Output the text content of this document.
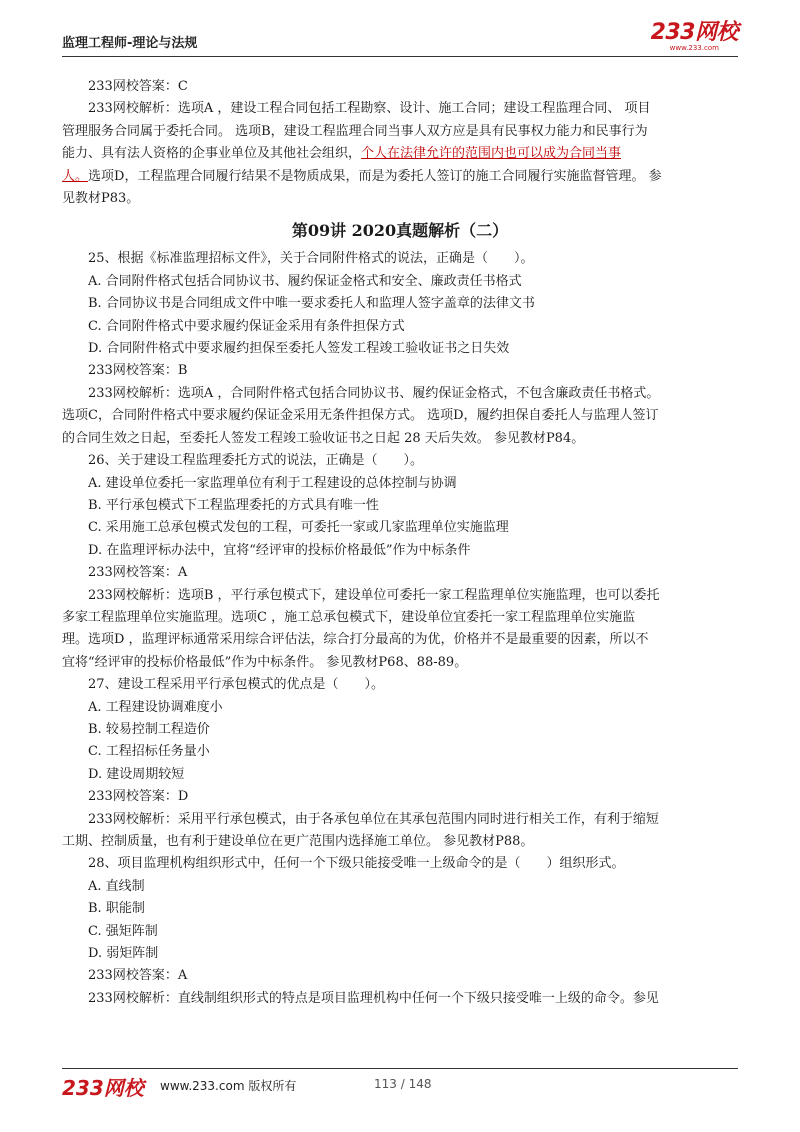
监理工程师-理论与法规	233网校
www.233.com
233网校答案：C
233网校解析：选项A ，建设工程合同包括工程勘察、设计、施工合同；建设工程监理合同、 项目
管理服务合同属于委托合同。 选项B，建设工程监理合同当事人双方应是具有民事权力能力和民事行为
能力、具有法人资格的企事业单位及其他社会组织，个人在法律允许的范围内也可以成为合同当事
人。选项D，工程监理合同履行结果不是物质成果，而是为委托人签订的施工合同履行实施监督管理。 参
见教材P83。
第09讲 2020真题解析（二）
25、根据《标准监理招标文件》，关于合同附件格式的说法，正确是（　　）。
A. 合同附件格式包括合同协议书、履约保证金格式和安全、廉政责任书格式
B. 合同协议书是合同组成文件中唯一要求委托人和监理人签字盖章的法律文书
C. 合同附件格式中要求履约保证金采用有条件担保方式
D. 合同附件格式中要求履约担保至委托人签发工程竣工验收证书之日失效
233网校答案：B
233网校解析：选项A ，合同附件格式包括合同协议书、履约保证金格式，不包含廉政责任书格式。
选项C，合同附件格式中要求履约保证金采用无条件担保方式。 选项D，履约担保自委托人与监理人签订
的合同生效之日起，至委托人签发工程竣工验收证书之日起 28 天后失效。 参见教材P84。
26、关于建设工程监理委托方式的说法，正确是（　　）。
A. 建设单位委托一家监理单位有利于工程建设的总体控制与协调
B. 平行承包模式下工程监理委托的方式具有唯一性
C. 采用施工总承包模式发包的工程，可委托一家或几家监理单位实施监理
D. 在监理评标办法中，宜将“经评审的投标价格最低”作为中标条件
233网校答案：A
233网校解析：选项B ，平行承包模式下，建设单位可委托一家工程监理单位实施监理，也可以委托
多家工程监理单位实施监理。选项C ，施工总承包模式下，建设单位宜委托一家工程监理单位实施监
理。选项D ，监理评标通常采用综合评估法，综合打分最高的为优，价格并不是最重要的因素，所以不
宜将“经评审的投标价格最低”作为中标条件。 参见教材P68、88-89。
27、建设工程采用平行承包模式的优点是（　　）。
A. 工程建设协调难度小
B. 较易控制工程造价
C. 工程招标任务量小
D. 建设周期较短
233网校答案：D
233网校解析：采用平行承包模式，由于各承包单位在其承包范围内同时进行相关工作，有利于缩短
工期、控制质量，也有利于建设单位在更广范围内选择施工单位。 参见教材P88。
28、项目监理机构组织形式中，任何一个下级只能接受唯一上级命令的是（　　）组织形式。
A. 直线制
B. 职能制
C. 强矩阵制
D. 弱矩阵制
233网校答案：A
233网校解析：直线制组织形式的特点是项目监理机构中任何一个下级只接受唯一上级的命令。参见
233网校 www.233.com 版权所有	113 / 148
